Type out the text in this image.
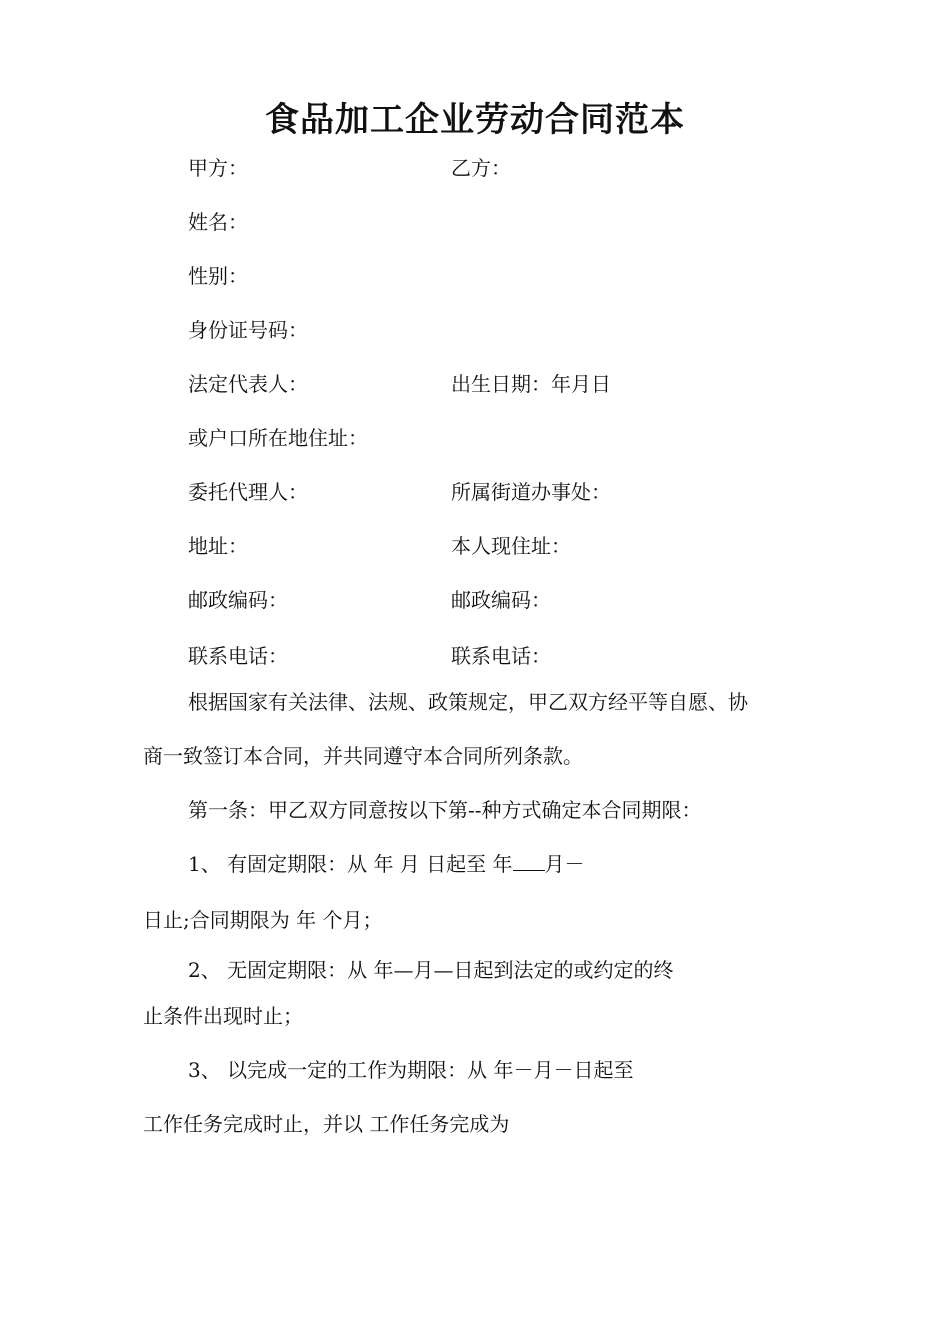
食品加工企业劳动合同范本
甲方：	乙方：
姓名：
性别：
身份证号码：
法定代表人：	出生日期：年月日
或户口所在地住址：
委托代理人：	所属街道办事处：
地址：	本人现住址：
邮政编码：	邮政编码：
联系电话：	联系电话：
根据国家有关法律、法规、政策规定，甲乙双方经平等自愿、协
商一致签订本合同，并共同遵守本合同所列条款。
第一条：甲乙双方同意按以下第--种方式确定本合同期限：
1、 有固定期限：从 年 月 日起至 年 月－
日止;合同期限为 年 个月；
2、 无固定期限：从 年—月—日起到法定的或约定的终
止条件出现时止；
3、 以完成一定的工作为期限：从 年－月－日起至
工作任务完成时止，并以 工作任务完成为
